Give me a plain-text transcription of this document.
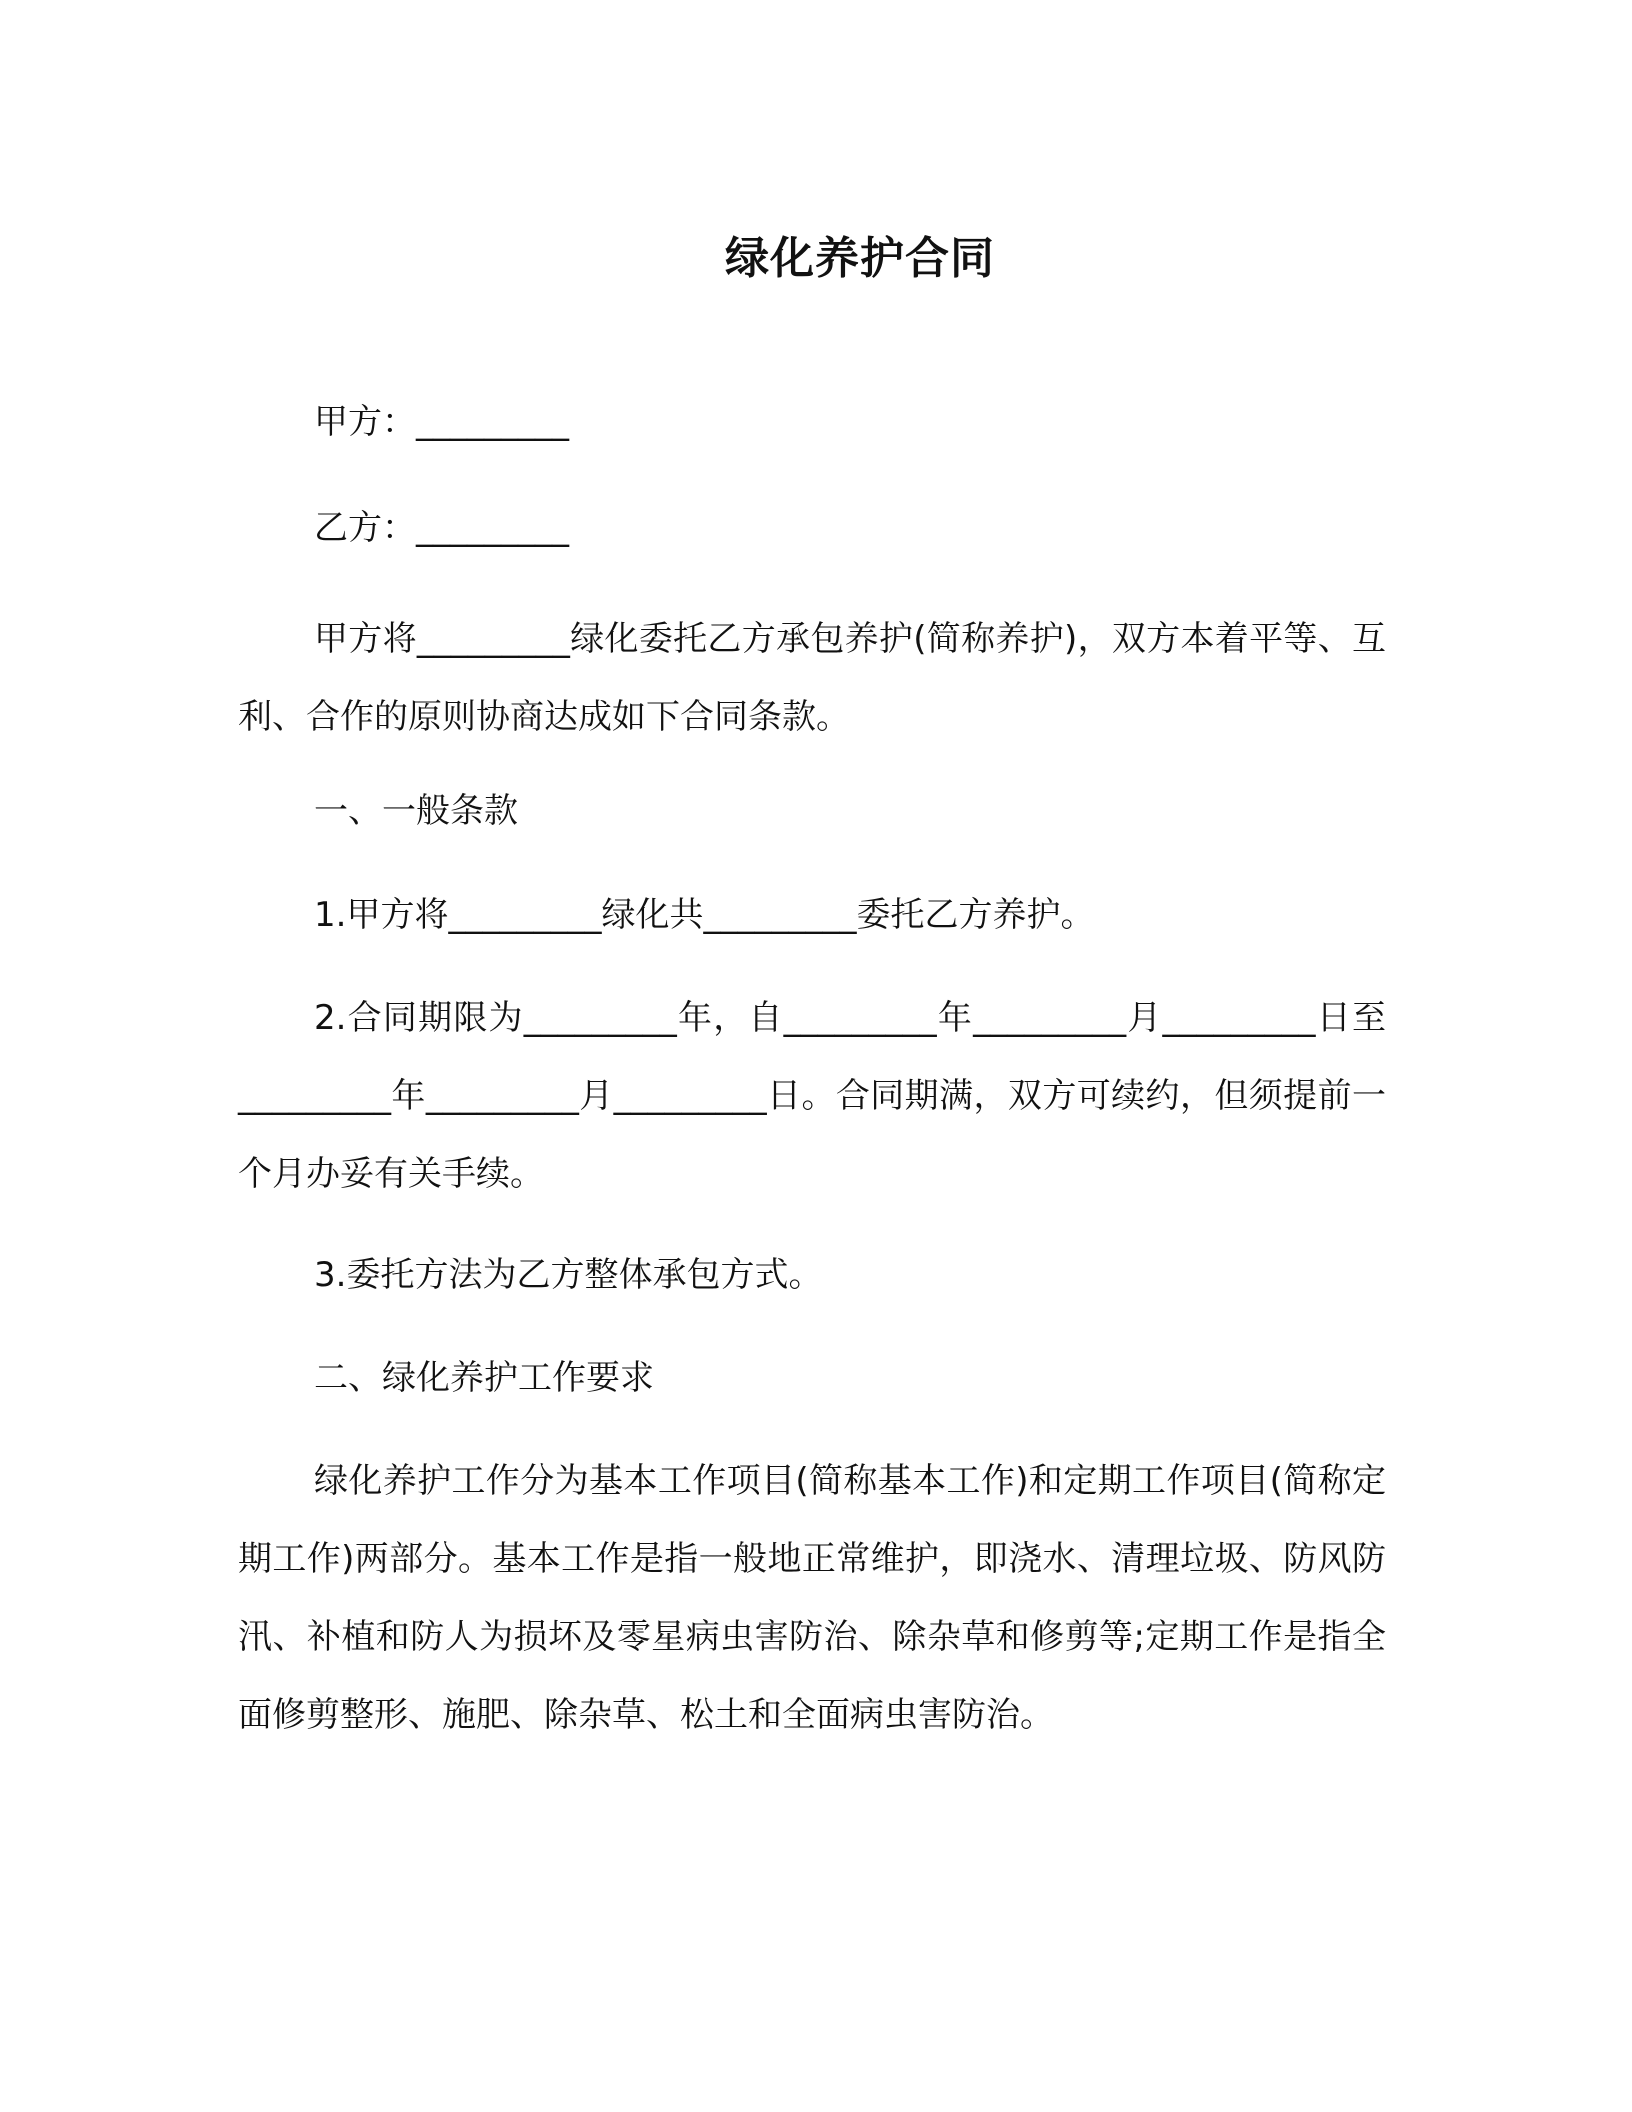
绿化养护合同

甲方：_________

乙方：_________

甲方将_________绿化委托乙方承包养护(简称养护)，双方本着平等、互利、合作的原则协商达成如下合同条款。

一、一般条款

1.甲方将_________绿化共_________委托乙方养护。

2.合同期限为_________年，自_________年_________月_________日至_________年_________月_________日。合同期满，双方可续约，但须提前一个月办妥有关手续。

3.委托方法为乙方整体承包方式。

二、绿化养护工作要求

绿化养护工作分为基本工作项目(简称基本工作)和定期工作项目(简称定期工作)两部分。基本工作是指一般地正常维护，即浇水、清理垃圾、防风防汛、补植和防人为损坏及零星病虫害防治、除杂草和修剪等;定期工作是指全面修剪整形、施肥、除杂草、松土和全面病虫害防治。
